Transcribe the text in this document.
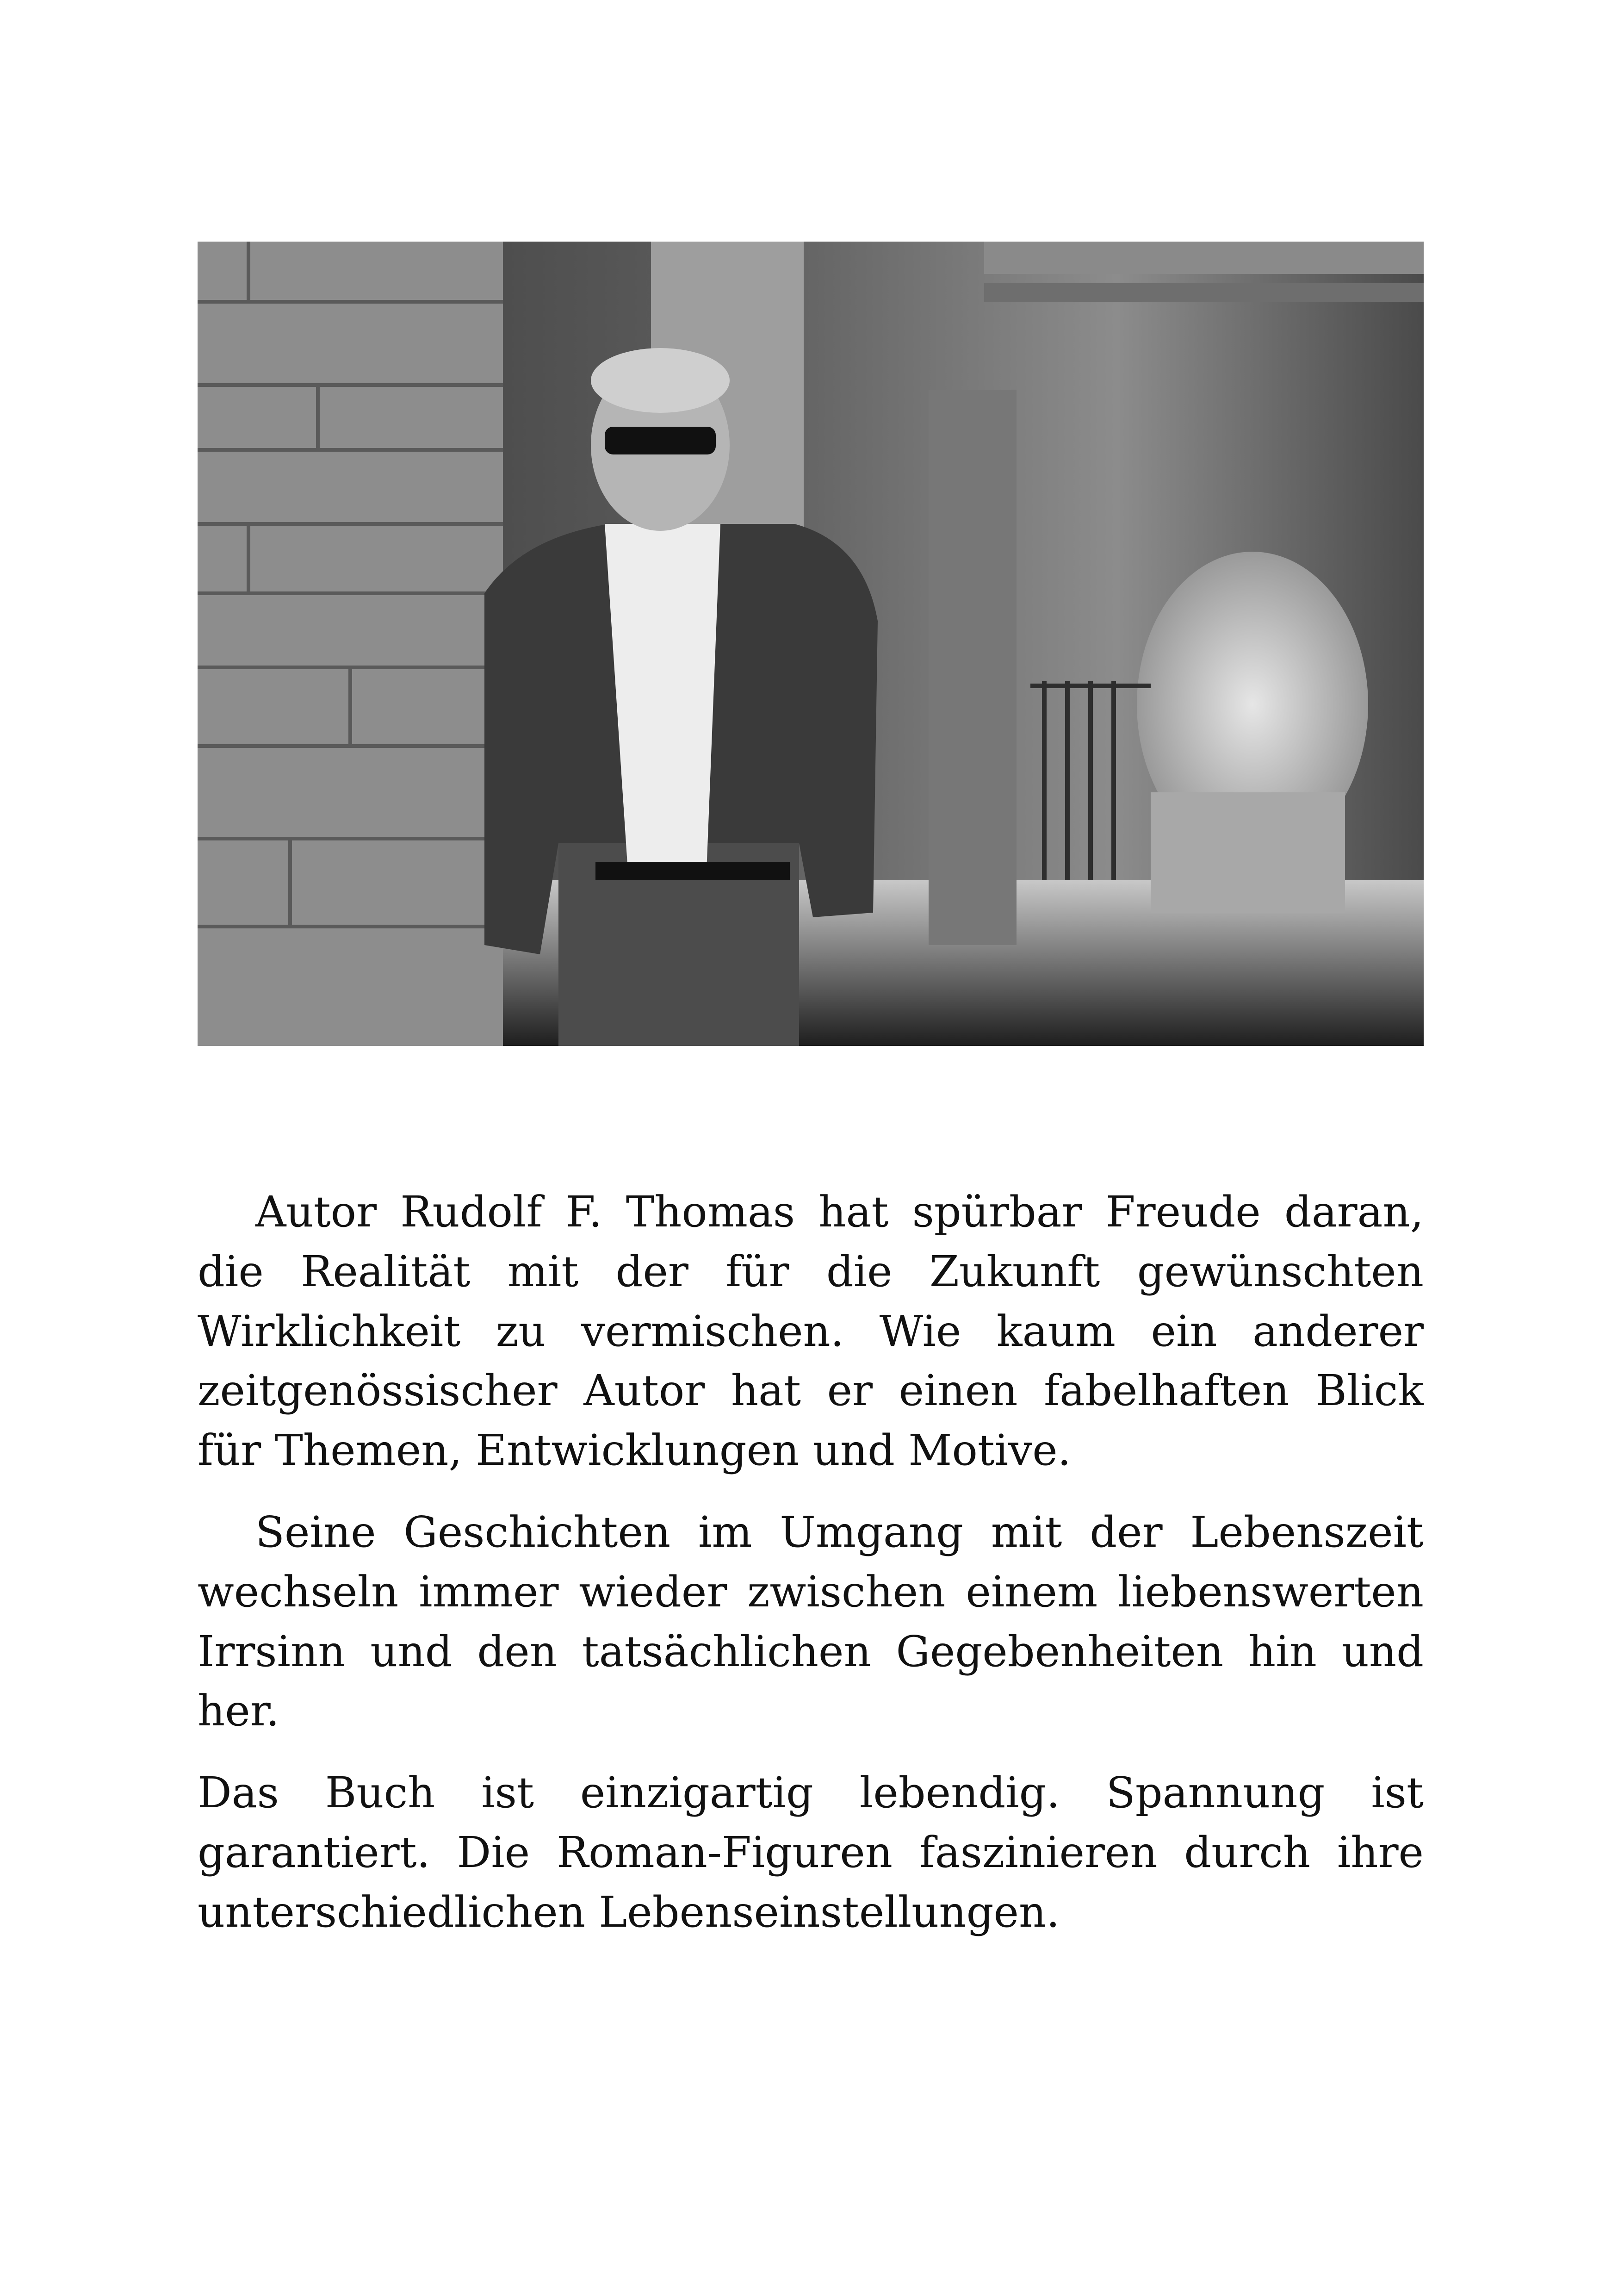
Autor Rudolf F. Thomas hat spürbar Freude daran, die Realität mit der für die Zukunft gewünschten Wirklichkeit zu vermischen. Wie kaum ein anderer zeitgenössischer Autor hat er einen fabelhaften Blick für Themen, Entwicklungen und Motive.

Seine Geschichten im Umgang mit der Lebenszeit wechseln immer wieder zwischen einem liebenswerten Irrsinn und den tatsächlichen Gegebenheiten hin und her.

Das Buch ist einzigartig lebendig. Spannung ist garantiert. Die Roman-Figuren faszinieren durch ihre unterschiedlichen Lebenseinstellungen.
